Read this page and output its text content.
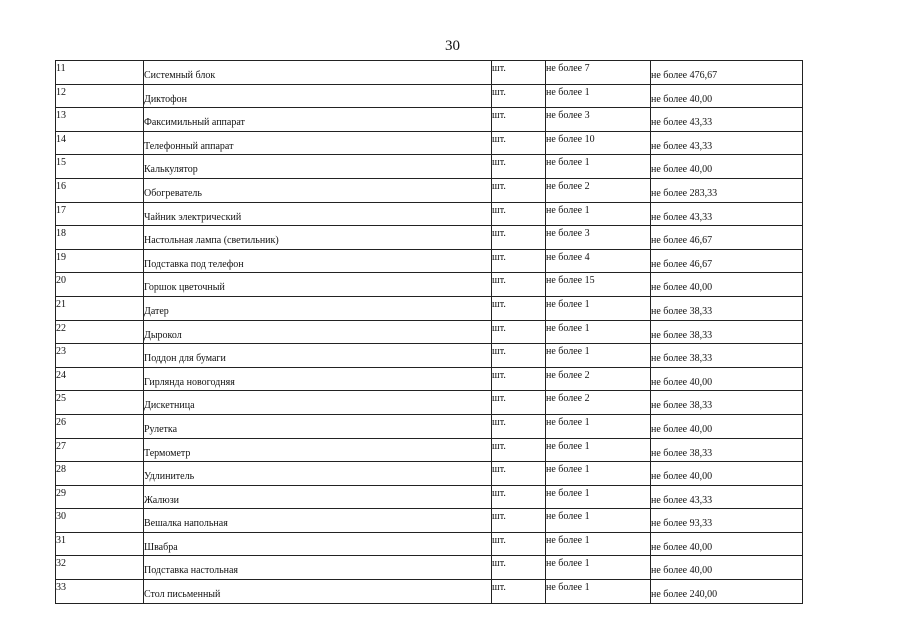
30
11	Системный блок	шт.	не более 7	не более 476,67

12	Диктофон	шт.	не более 1	не более 40,00

13	Факсимильный аппарат	шт.	не более 3	не более 43,33

14	Телефонный аппарат	шт.	не более 10	не более 43,33

15	Калькулятор	шт.	не более 1	не более 40,00

16	Обогреватель	шт.	не более 2	не более 283,33

17	Чайник электрический	шт.	не более 1	не более 43,33

18	Настольная лампа (светильник)	шт.	не более 3	не более 46,67

19	Подставка под телефон	шт.	не более 4	не более 46,67

20	Горшок цветочный	шт.	не более 15	не более 40,00

21	Датер	шт.	не более 1	не более 38,33

22	Дырокол	шт.	не более 1	не более 38,33

23	Поддон для бумаги	шт.	не более 1	не более 38,33

24	Гирлянда новогодняя	шт.	не более 2	не более 40,00

25	Дискетница	шт.	не более 2	не более 38,33

26	Рулетка	шт.	не более 1	не более 40,00

27	Термометр	шт.	не более 1	не более 38,33

28	Удлинитель	шт.	не более 1	не более 40,00

29	Жалюзи	шт.	не более 1	не более 43,33

30	Вешалка напольная	шт.	не более 1	не более 93,33

31	Швабра	шт.	не более 1	не более 40,00

32	Подставка настольная	шт.	не более 1	не более 40,00

33	Стол письменный	шт.	не более 1	не более 240,00
